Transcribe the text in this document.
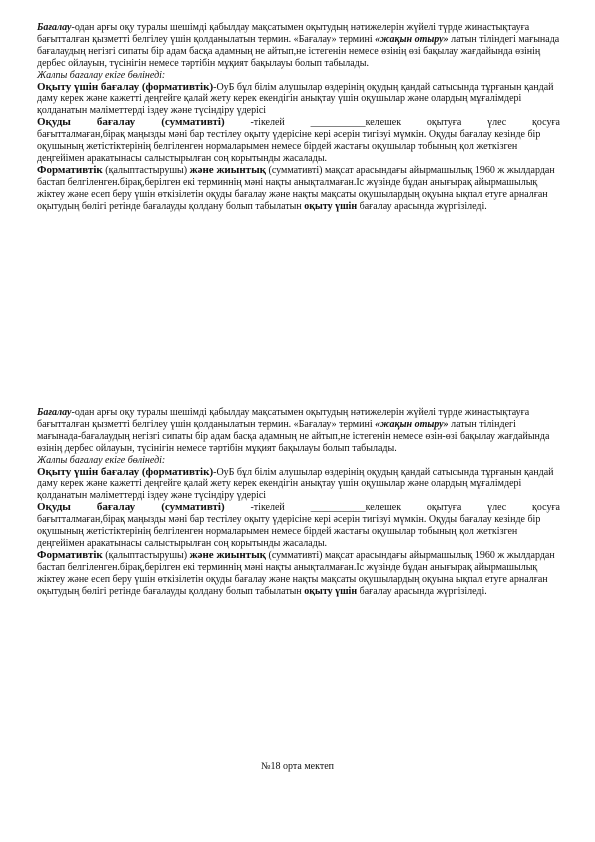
Бағалау-одан арғы оқу туралы шешімді қабылдау мақсатымен оқытудың нәтижелерін жүйелі түрде жинастықтауға бағытталған қызметті белгілеу үшін қолданылатын термин. «Бағалау» термині «жақын отыру» латын тіліндегі мағынада бағалаудың негізгі сипаты бір адам басқа адамның не айтып,не істегенін немесе өзінің өзі бақылау жағдайында өзінің дербес ойлауын, түсінігін немесе тәртібін мұқият бақылауы болып табылады.

Жалпы бағалау екіге бөлінеді:

Оқыту үшін бағалау (формативтік)-ОуБ бұл білім алушылар өздерінің оқудың қандай сатысында тұрғанын қандай даму керек және кажетті деңгейге қалай жету керек екендігін анықтау үшін оқушылар және олардың мұғалімдері қолданатын мәліметтерді іздеу және түсіндіру үдерісі

Оқуды бағалау (суммативті) -тікелей ___________келешек оқытуға үлес қосуға

бағытталмаған,бірақ маңызды мәні бар тестілеу оқыту үдерісіне кері әсерін тигізуі мүмкін. Оқуды бағалау кезінде бір оқушының жетістіктерінің белгіленген нормаларымен немесе бірдей жастағы оқушылар тобының қол жеткізген деңгейімен аракатынасы салыстырылған соң корытынды жасалады.

Формативтік (қалыптастырушы) және жиынтық (суммативті) мақсат арасындағы айырмашылық 1960 ж жылдардан бастап белгіленген.бірақ,берілген екі терминнің мәні нақты анықталмаған.Іс жүзінде бұдан анығырақ айырмашылық жіктеу және есеп беру үшін өткізілетін оқуды бағалау және нақты мақсаты оқушылардың оқуына ықпал етуге арналған оқытудың бөлігі ретінде бағалауды қолдану болып табылатын оқыту үшін бағалау арасында жүргізіледі.

Бағалау-одан арғы оқу туралы шешімді қабылдау мақсатымен оқытудың нәтижелерін жүйелі түрде жинастықтауға бағытталған қызметті белгілеу үшін қолданылатын термин. «Бағалау» термині «жақын отыру» латын тіліндегі мағынада-бағалаудың негізгі сипаты бір адам басқа адамның не айтып,не істегенін немесе өзін-өзі бақылау жағдайында өзінің дербес ойлауын, түсінігін немесе тәртібін мұқият бақылауы болып табылады.

Жалпы бағалау екіге бөлінеді:

Оқыту үшін бағалау (формативтік)-ОуБ бұл білім алушылар өздерінің оқудың қандай сатысында тұрғанын қандай даму керек және кажетті деңгейге қалай жету керек екендігін анықтау үшін оқушылар және олардың мұғалімдері қолданатын мәліметтерді іздеу және түсіндіру үдерісі

Оқуды бағалау (суммативті) -тікелей ___________келешек оқытуға үлес қосуға

бағытталмаған,бірақ маңызды мәні бар тестілеу оқыту үдерісіне кері әсерін тигізуі мүмкін. Оқуды бағалау кезінде бір оқушының жетістіктерінің белгіленген нормаларымен немесе бірдей жастағы оқушылар тобының қол жеткізген деңгейімен аракатынасы салыстырылған соң корытынды жасалады.

Формативтік (қалыптастырушы) және жиынтық (суммативті) мақсат арасындағы айырмашылық 1960 ж жылдардан бастап белгіленген.бірақ,берілген екі терминнің мәні нақты анықталмаған.Іс жүзінде бұдан анығырақ айырмашылық жіктеу және есеп беру үшін өткізілетін оқуды бағалау және нақты мақсаты оқушылардың оқуына ықпал етуге арналған оқытудың бөлігі ретінде бағалауды қолдану болып табылатын оқыту үшін бағалау арасында жүргізіледі.

№18 орта мектеп
